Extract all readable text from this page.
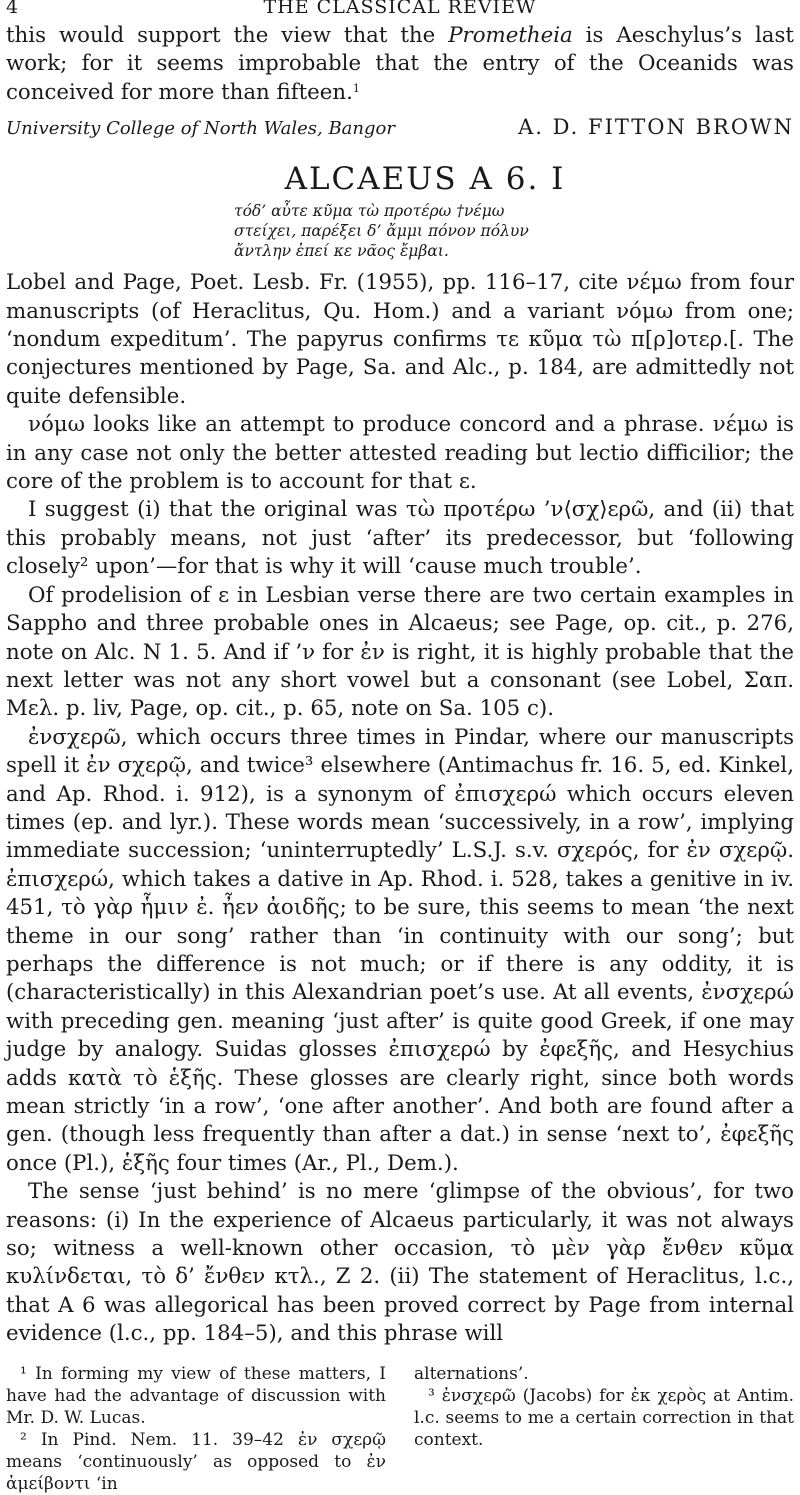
4	THE CLASSICAL REVIEW

this would support the view that the Prometheia is Aeschylus’s last work; for it seems improbable that the entry of the Oceanids was conceived for more than fifteen.$^1$

University College of North Wales, Bangor	A. D. FITTON BROWN
ALCAEUS A 6. I
τόδ’ αὖτε κῦμα τὼ προτέρω †νέμω
στείχει, παρέξει δ’ ἄμμι πόνον πόλυν
ἄντλην ἐπεί κε νᾶος ἔμβαι.

Lobel and Page, Poet. Lesb. Fr. (1955), pp. 116–17, cite νέμω from four manuscripts (of Heraclitus, Qu. Hom.) and a variant νόμω from one; ‘nondum expeditum’. The papyrus confirms τε κῦμα τὼ π[ρ]οτερ.[. The conjectures mentioned by Page, Sa. and Alc., p. 184, are admittedly not quite defensible.

νόμω looks like an attempt to produce concord and a phrase. νέμω is in any case not only the better attested reading but lectio difficilior; the core of the problem is to account for that ε.

I suggest (i) that the original was τὼ προτέρω ’ν⟨σχ⟩ερῶ, and (ii) that this probably means, not just ‘after’ its predecessor, but ‘following closely² upon’—for that is why it will ‘cause much trouble’.

Of prodelision of ε in Lesbian verse there are two certain examples in Sappho and three probable ones in Alcaeus; see Page, op. cit., p. 276, note on Alc. N 1. 5. And if ’ν for ἐν is right, it is highly probable that the next letter was not any short vowel but a consonant (see Lobel, Σαπ. Μελ. p. liv, Page, op. cit., p. 65, note on Sa. 105 c).

ἐνσχερῶ, which occurs three times in Pindar, where our manuscripts spell it ἐν σχερῷ, and twice³ elsewhere (Antimachus fr. 16. 5, ed. Kinkel, and Ap. Rhod. i. 912), is a synonym of ἐπισχερώ which occurs eleven times (ep. and lyr.). These words mean ‘successively, in a row’, implying immediate succession; ‘uninterruptedly’ L.S.J. s.v. σχερός, for ἐν σχερῷ. ἐπισχερώ, which takes a dative in Ap. Rhod. i. 528, takes a genitive in iv. 451, τὸ γὰρ ἧμιν ἐ. ἦεν ἀοιδῆς; to be sure, this seems to mean ‘the next theme in our song’ rather than ‘in continuity with our song’; but perhaps the difference is not much; or if there is any oddity, it is (characteristically) in this Alexandrian poet’s use. At all events, ἐνσχερώ with preceding gen. meaning ‘just after’ is quite good Greek, if one may judge by analogy. Suidas glosses ἐπισχερώ by ἐφεξῆς, and Hesychius adds κατὰ τὸ ἑξῆς. These glosses are clearly right, since both words mean strictly ‘in a row’, ‘one after another’. And both are found after a gen. (though less frequently than after a dat.) in sense ‘next to’, ἐφεξῆς once (Pl.), ἑξῆς four times (Ar., Pl., Dem.).

The sense ‘just behind’ is no mere ‘glimpse of the obvious’, for two reasons: (i) In the experience of Alcaeus particularly, it was not always so; witness a well-known other occasion, τὸ μὲν γὰρ ἔνθεν κῦμα κυλίνδεται, τὸ δ’ ἔνθεν κτλ., Z 2. (ii) The statement of Heraclitus, l.c., that A 6 was allegorical has been proved correct by Page from internal evidence (l.c., pp. 184–5), and this phrase will

¹ In forming my view of these matters, I have had the advantage of discussion with Mr. D. W. Lucas.

² In Pind. Nem. 11. 39–42 ἐν σχερῷ means ‘continuously’ as opposed to ἐν ἀμείβοντι ‘in

alternations’.

³ ἐνσχερῶ (Jacobs) for ἐκ χερὸς at Antim. l.c. seems to me a certain correction in that context.
